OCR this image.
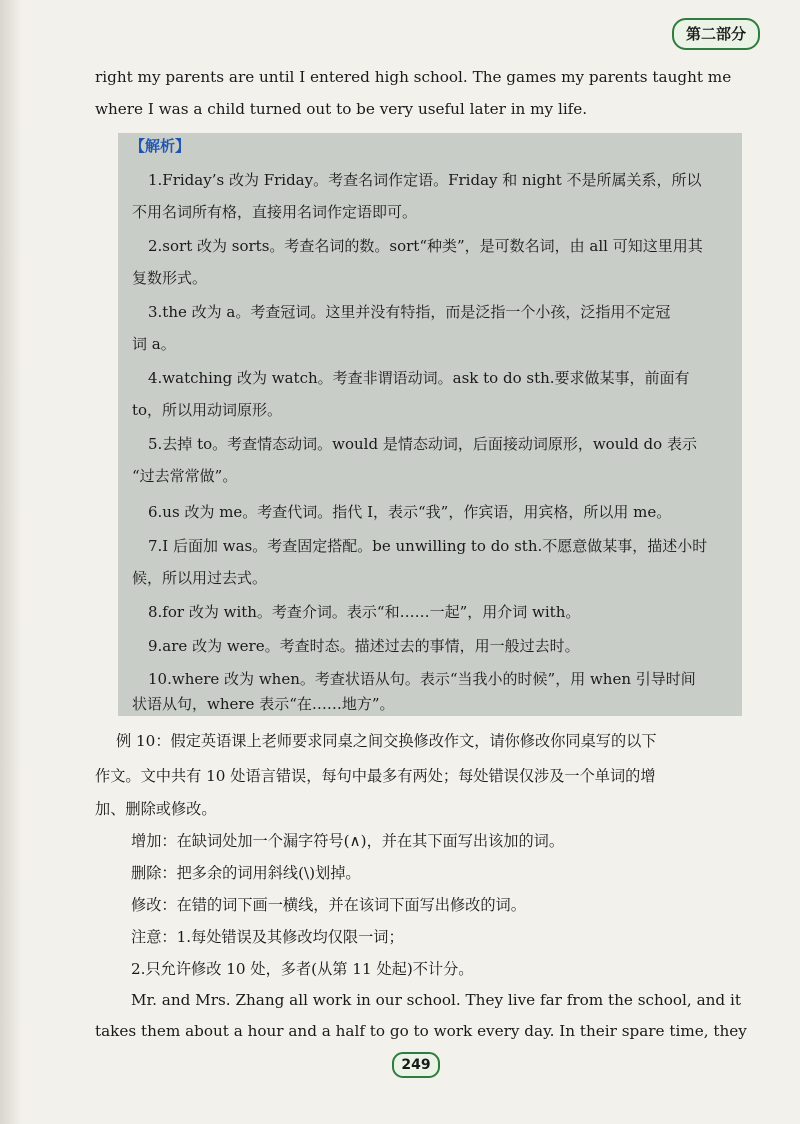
第二部分
right my parents are until I entered high school. The games my parents taught me
where I was a child turned out to be very useful later in my life.
【解析】
1.Friday’s 改为 Friday。考查名词作定语。Friday 和 night 不是所属关系，所以
不用名词所有格，直接用名词作定语即可。
2.sort 改为 sorts。考查名词的数。sort“种类”，是可数名词，由 all 可知这里用其
复数形式。
3.the 改为 a。考查冠词。这里并没有特指，而是泛指一个小孩，泛指用不定冠
词 a。
4.watching 改为 watch。考查非谓语动词。ask to do sth.要求做某事，前面有
to，所以用动词原形。
5.去掉 to。考查情态动词。would 是情态动词，后面接动词原形，would do 表示
“过去常常做”。
6.us 改为 me。考查代词。指代 I，表示“我”，作宾语，用宾格，所以用 me。
7.I 后面加 was。考查固定搭配。be unwilling to do sth.不愿意做某事，描述小时
候，所以用过去式。
8.for 改为 with。考查介词。表示“和……一起”，用介词 with。
9.are 改为 were。考查时态。描述过去的事情，用一般过去时。
10.where 改为 when。考查状语从句。表示“当我小的时候”，用 when 引导时间
状语从句，where 表示“在……地方”。
例 10：假定英语课上老师要求同桌之间交换修改作文，请你修改你同桌写的以下
作文。文中共有 10 处语言错误，每句中最多有两处；每处错误仅涉及一个单词的增
加、删除或修改。
增加：在缺词处加一个漏字符号(∧)，并在其下面写出该加的词。
删除：把多余的词用斜线(\)划掉。
修改：在错的词下画一横线，并在该词下面写出修改的词。
注意：1.每处错误及其修改均仅限一词；
2.只允许修改 10 处，多者(从第 11 处起)不计分。
Mr. and Mrs. Zhang all work in our school. They live far from the school, and it
takes them about a hour and a half to go to work every day. In their spare time, they
249
